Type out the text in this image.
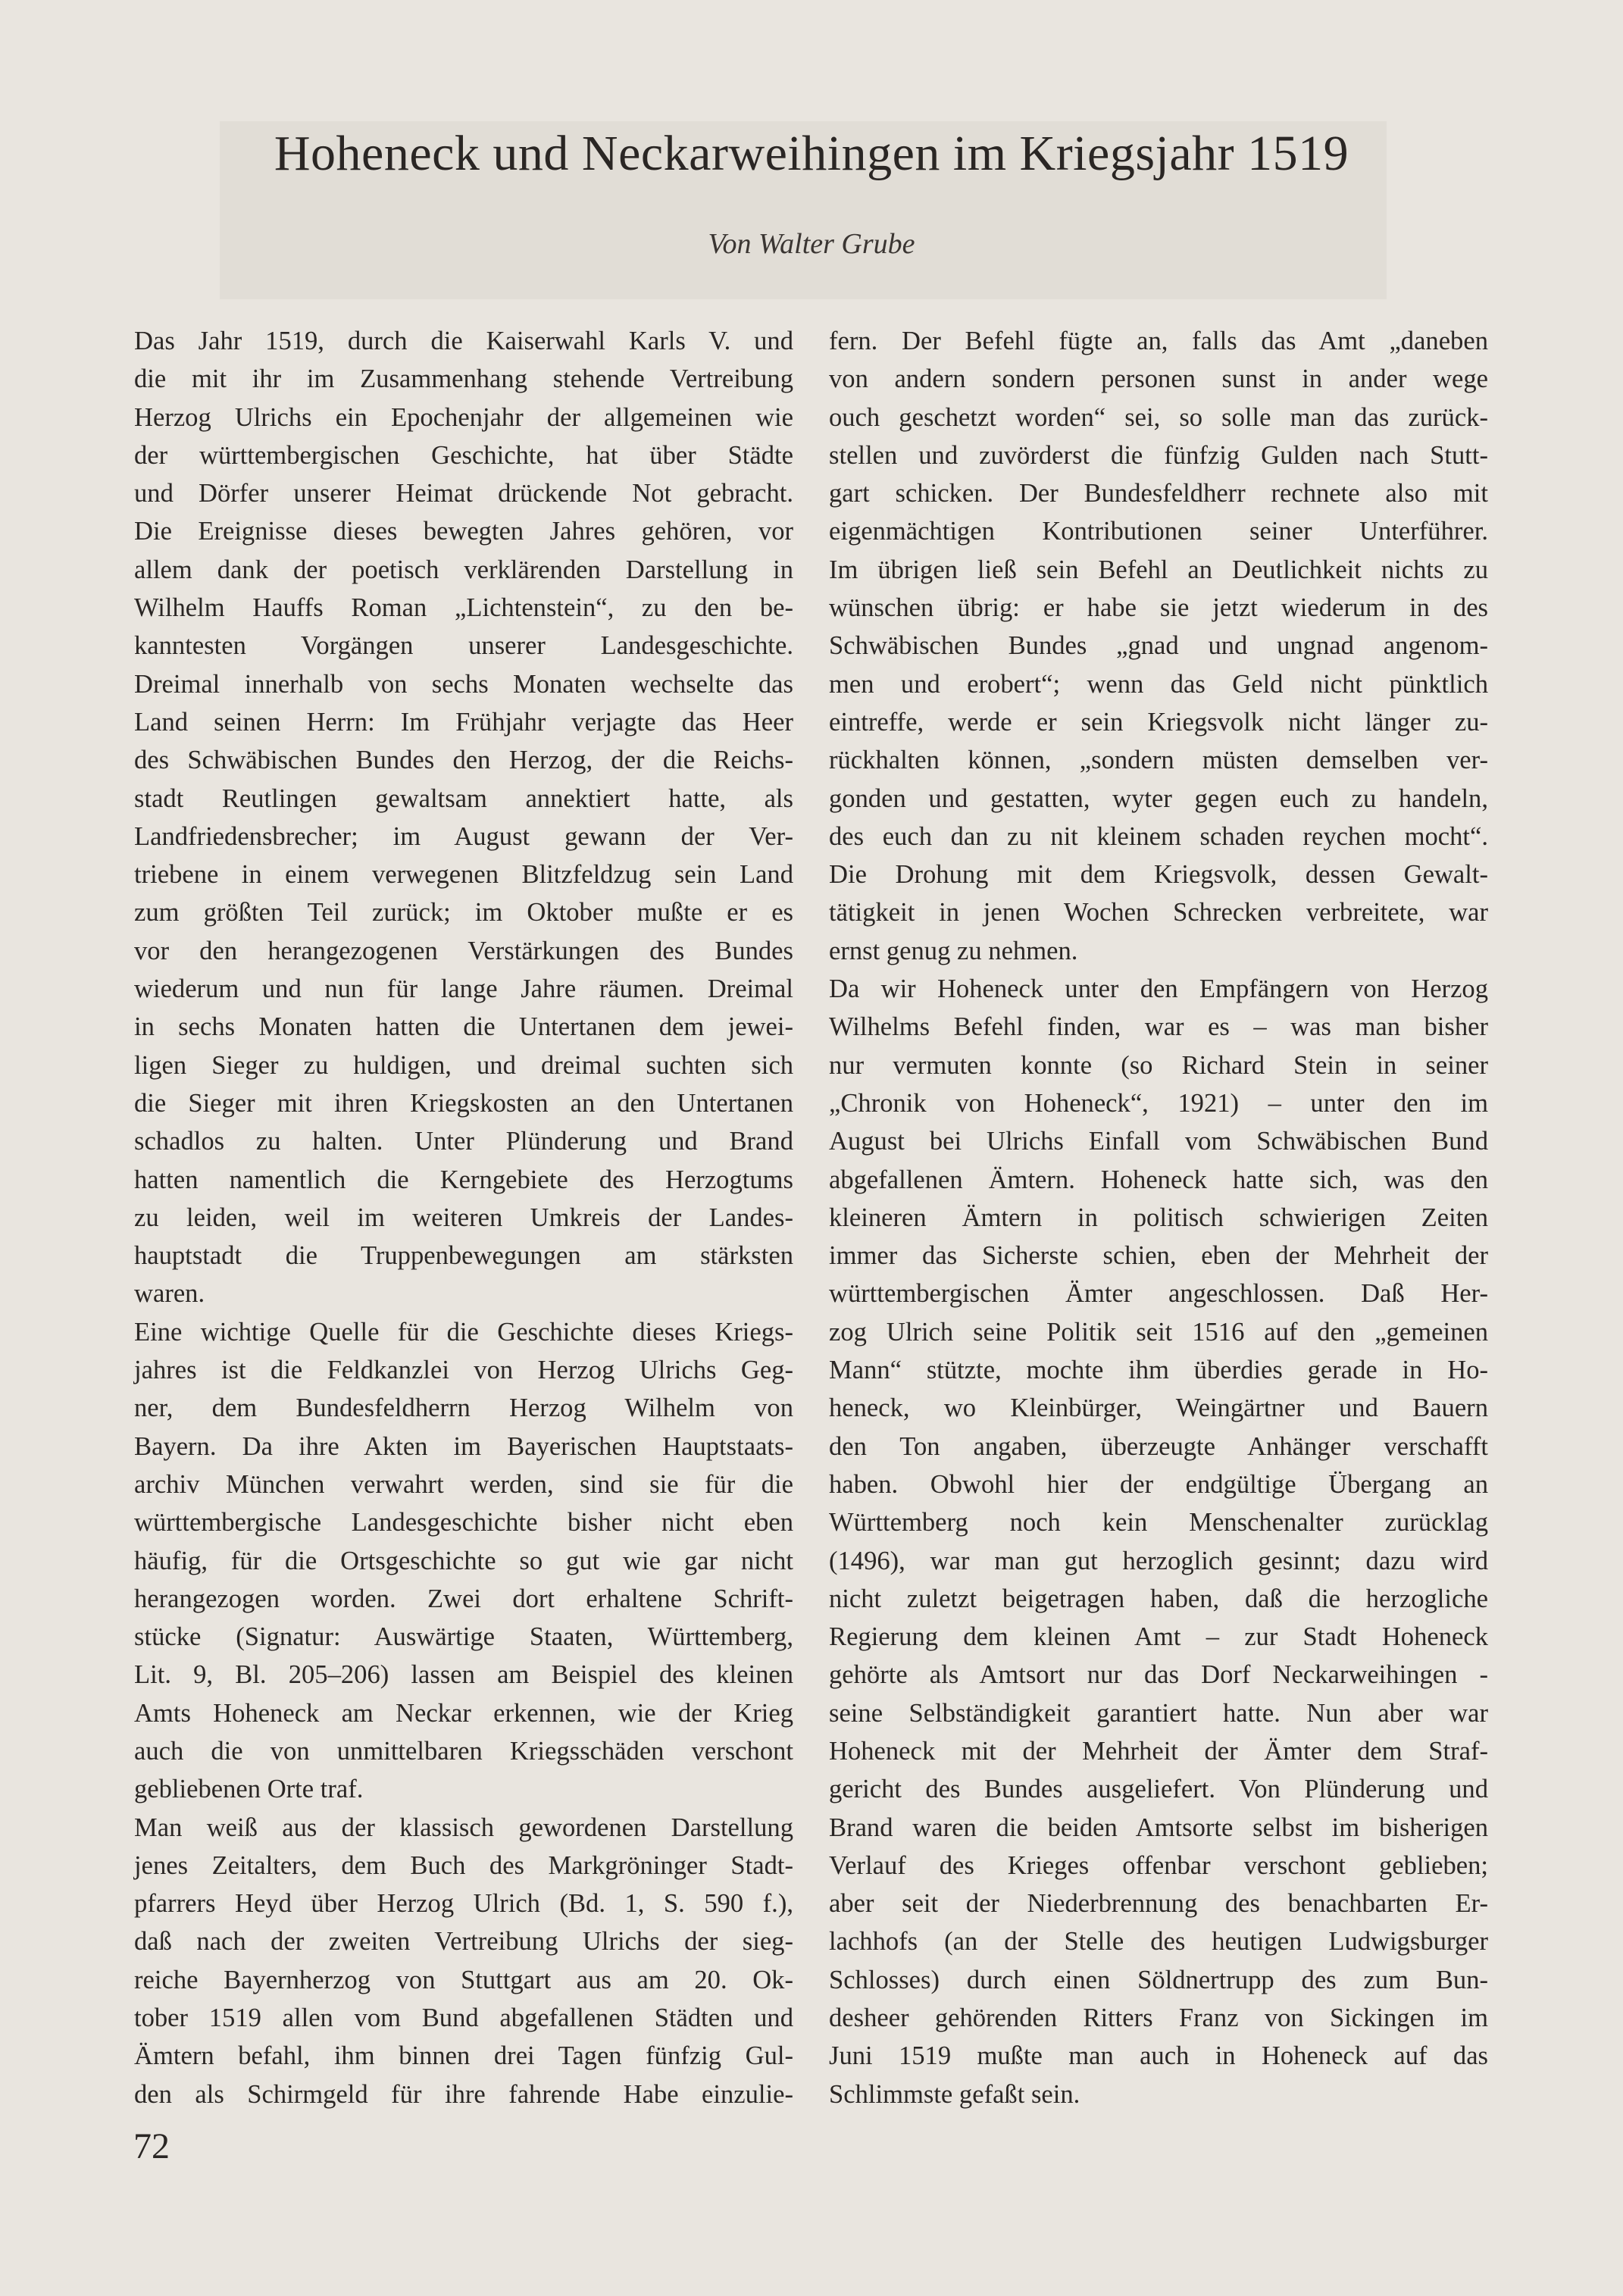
Hoheneck und Neckarweihingen im Kriegsjahr 1519
Von Walter Grube
Das Jahr 1519, durch die Kaiserwahl Karls V. und
die mit ihr im Zusammenhang stehende Vertreibung
Herzog Ulrichs ein Epochenjahr der allgemeinen wie
der württembergischen Geschichte, hat über Städte
und Dörfer unserer Heimat drückende Not gebracht.
Die Ereignisse dieses bewegten Jahres gehören, vor
allem dank der poetisch verklärenden Darstellung in
Wilhelm Hauffs Roman „Lichtenstein“, zu den be-
kanntesten Vorgängen unserer Landesgeschichte.
Dreimal innerhalb von sechs Monaten wechselte das
Land seinen Herrn: Im Frühjahr verjagte das Heer
des Schwäbischen Bundes den Herzog, der die Reichs-
stadt Reutlingen gewaltsam annektiert hatte, als
Landfriedensbrecher; im August gewann der Ver-
triebene in einem verwegenen Blitzfeldzug sein Land
zum größten Teil zurück; im Oktober mußte er es
vor den herangezogenen Verstärkungen des Bundes
wiederum und nun für lange Jahre räumen. Dreimal
in sechs Monaten hatten die Untertanen dem jewei-
ligen Sieger zu huldigen, und dreimal suchten sich
die Sieger mit ihren Kriegskosten an den Untertanen
schadlos zu halten. Unter Plünderung und Brand
hatten namentlich die Kerngebiete des Herzogtums
zu leiden, weil im weiteren Umkreis der Landes-
hauptstadt die Truppenbewegungen am stärksten
waren.
Eine wichtige Quelle für die Geschichte dieses Kriegs-
jahres ist die Feldkanzlei von Herzog Ulrichs Geg-
ner, dem Bundesfeldherrn Herzog Wilhelm von
Bayern. Da ihre Akten im Bayerischen Hauptstaats-
archiv München verwahrt werden, sind sie für die
württembergische Landesgeschichte bisher nicht eben
häufig, für die Ortsgeschichte so gut wie gar nicht
herangezogen worden. Zwei dort erhaltene Schrift-
stücke (Signatur: Auswärtige Staaten, Württemberg,
Lit. 9, Bl. 205–206) lassen am Beispiel des kleinen
Amts Hoheneck am Neckar erkennen, wie der Krieg
auch die von unmittelbaren Kriegsschäden verschont
gebliebenen Orte traf.
Man weiß aus der klassisch gewordenen Darstellung
jenes Zeitalters, dem Buch des Markgröninger Stadt-
pfarrers Heyd über Herzog Ulrich (Bd. 1, S. 590 f.),
daß nach der zweiten Vertreibung Ulrichs der sieg-
reiche Bayernherzog von Stuttgart aus am 20. Ok-
tober 1519 allen vom Bund abgefallenen Städten und
Ämtern befahl, ihm binnen drei Tagen fünfzig Gul-
den als Schirmgeld für ihre fahrende Habe einzulie-
fern. Der Befehl fügte an, falls das Amt „daneben
von andern sondern personen sunst in ander wege
ouch geschetzt worden“ sei, so solle man das zurück-
stellen und zuvörderst die fünfzig Gulden nach Stutt-
gart schicken. Der Bundesfeldherr rechnete also mit
eigenmächtigen Kontributionen seiner Unterführer.
Im übrigen ließ sein Befehl an Deutlichkeit nichts zu
wünschen übrig: er habe sie jetzt wiederum in des
Schwäbischen Bundes „gnad und ungnad angenom-
men und erobert“; wenn das Geld nicht pünktlich
eintreffe, werde er sein Kriegsvolk nicht länger zu-
rückhalten können, „sondern müsten demselben ver-
gonden und gestatten, wyter gegen euch zu handeln,
des euch dan zu nit kleinem schaden reychen mocht“.
Die Drohung mit dem Kriegsvolk, dessen Gewalt-
tätigkeit in jenen Wochen Schrecken verbreitete, war
ernst genug zu nehmen.
Da wir Hoheneck unter den Empfängern von Herzog
Wilhelms Befehl finden, war es – was man bisher
nur vermuten konnte (so Richard Stein in seiner
„Chronik von Hoheneck“, 1921) – unter den im
August bei Ulrichs Einfall vom Schwäbischen Bund
abgefallenen Ämtern. Hoheneck hatte sich, was den
kleineren Ämtern in politisch schwierigen Zeiten
immer das Sicherste schien, eben der Mehrheit der
württembergischen Ämter angeschlossen. Daß Her-
zog Ulrich seine Politik seit 1516 auf den „gemeinen
Mann“ stützte, mochte ihm überdies gerade in Ho-
heneck, wo Kleinbürger, Weingärtner und Bauern
den Ton angaben, überzeugte Anhänger verschafft
haben. Obwohl hier der endgültige Übergang an
Württemberg noch kein Menschenalter zurücklag
(1496), war man gut herzoglich gesinnt; dazu wird
nicht zuletzt beigetragen haben, daß die herzogliche
Regierung dem kleinen Amt – zur Stadt Hoheneck
gehörte als Amtsort nur das Dorf Neckarweihingen -
seine Selbständigkeit garantiert hatte. Nun aber war
Hoheneck mit der Mehrheit der Ämter dem Straf-
gericht des Bundes ausgeliefert. Von Plünderung und
Brand waren die beiden Amtsorte selbst im bisherigen
Verlauf des Krieges offenbar verschont geblieben;
aber seit der Niederbrennung des benachbarten Er-
lachhofs (an der Stelle des heutigen Ludwigsburger
Schlosses) durch einen Söldnertrupp des zum Bun-
desheer gehörenden Ritters Franz von Sickingen im
Juni 1519 mußte man auch in Hoheneck auf das
Schlimmste gefaßt sein.
72
